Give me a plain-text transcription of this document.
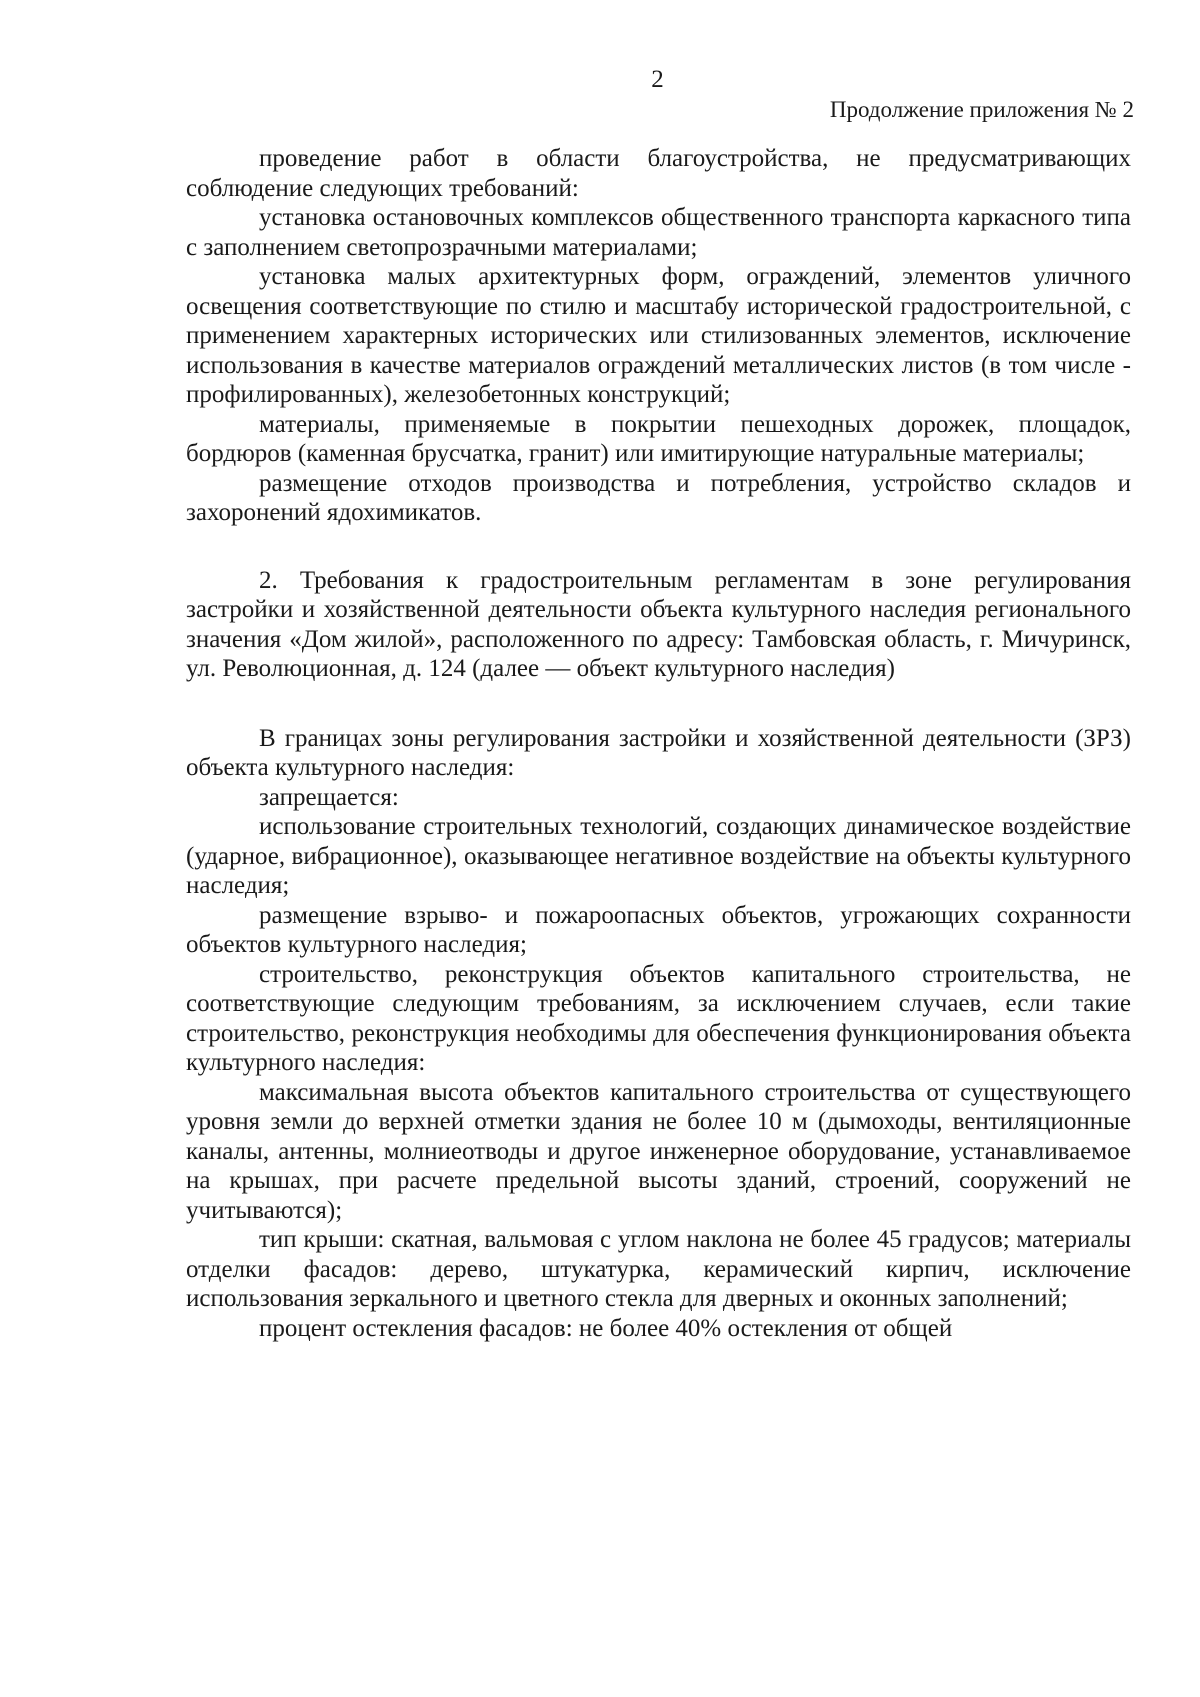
2
Продолжение приложения № 2

проведение работ в области благоустройства, не предусматривающих соблюдение следующих требований:

установка остановочных комплексов общественного транспорта каркасного типа с заполнением светопрозрачными материалами;

установка малых архитектурных форм, ограждений, элементов уличного освещения соответствующие по стилю и масштабу исторической градостроительной, с применением характерных исторических или стилизованных элементов, исключение использования в качестве материалов ограждений металлических листов (в том числе - профилированных), железобетонных конструкций;

материалы, применяемые в покрытии пешеходных дорожек, площадок, бордюров (каменная брусчатка, гранит) или имитирующие натуральные материалы;

размещение отходов производства и потребления, устройство складов и захоронений ядохимикатов.

2. Требования к градостроительным регламентам в зоне регулирования застройки и хозяйственной деятельности объекта культурного наследия регионального значения «Дом жилой», расположенного по адресу: Тамбовская область, г. Мичуринск, ул. Революционная, д. 124 (далее — объект культурного наследия)

В границах зоны регулирования застройки и хозяйственной деятельности (ЗРЗ) объекта культурного наследия:

запрещается:

использование строительных технологий, создающих динамическое воздействие (ударное, вибрационное), оказывающее негативное воздействие на объекты культурного наследия;

размещение взрыво- и пожароопасных объектов, угрожающих сохранности объектов культурного наследия;

строительство, реконструкция объектов капитального строительства, не соответствующие следующим требованиям, за исключением случаев, если такие строительство, реконструкция необходимы для обеспечения функционирования объекта культурного наследия:

максимальная высота объектов капитального строительства от существующего уровня земли до верхней отметки здания не более 10 м (дымоходы, вентиляционные каналы, антенны, молниеотводы и другое инженерное оборудование, устанавливаемое на крышах, при расчете предельной высоты зданий, строений, сооружений не учитываются);

тип крыши: скатная, вальмовая с углом наклона не более 45 градусов; материалы отделки фасадов: дерево, штукатурка, керамический кирпич, исключение использования зеркального и цветного стекла для дверных и оконных заполнений;

процент остекления фасадов: не более 40% остекления от общей
